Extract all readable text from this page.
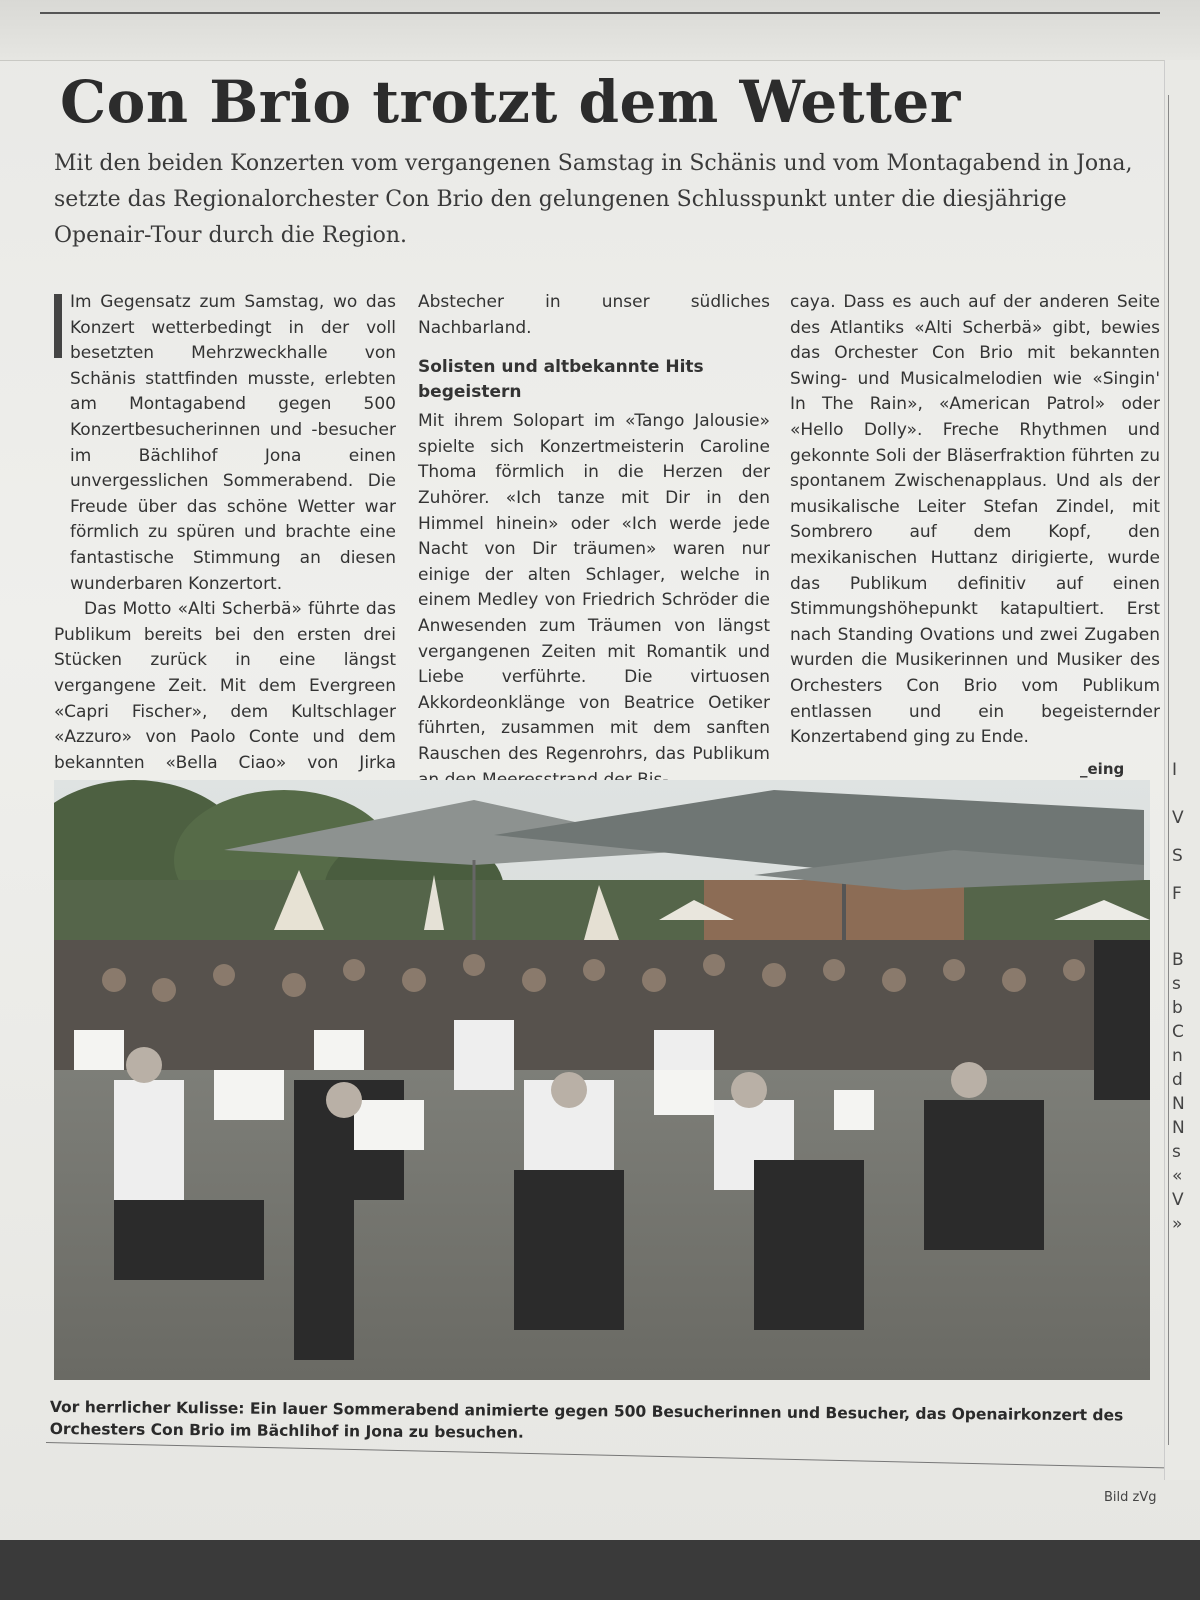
Con Brio trotzt dem Wetter
Mit den beiden Konzerten vom vergangenen Samstag in Schänis und vom Montagabend in Jona, setzte das Regionalorchester Con Brio den gelungenen Schlusspunkt unter die diesjährige Openair-Tour durch die Region.

Im Gegensatz zum Samstag, wo das Konzert wetterbedingt in der voll besetzten Mehrzweckhalle von Schänis stattfinden musste, erlebten am Montagabend gegen 500 Konzertbesucherinnen und -besucher im Bächlihof Jona einen unvergesslichen Sommerabend. Die Freude über das schöne Wetter war förmlich zu spüren und brachte eine fantastische Stimmung an diesen wunderbaren Konzertort.

Das Motto «Alti Scherbä» führte das Publikum bereits bei den ersten drei Stücken zurück in eine längst vergangene Zeit. Mit dem Evergreen «Capri Fischer», dem Kultschlager «Azzuro» von Paolo Conte und dem bekannten «Bella Ciao» von Jirka

Abstecher in unser südliches Nachbarland.

Solisten und altbekannte Hits begeistern

Mit ihrem Solopart im «Tango Jalousie» spielte sich Konzertmeisterin Caroline Thoma förmlich in die Herzen der Zuhörer. «Ich tanze mit Dir in den Himmel hinein» oder «Ich werde jede Nacht von Dir träumen» waren nur einige der alten Schlager, welche in einem Medley von Friedrich Schröder die Anwesenden zum Träumen von längst vergangenen Zeiten mit Romantik und Liebe verführte. Die virtuosen Akkordeonklänge von Beatrice Oetiker führten, zusammen mit dem sanften Rauschen des Regenrohrs, das Publikum

caya. Dass es auch auf der anderen Seite des Atlantiks «Alti Scherbä» gibt, bewies das Orchester Con Brio mit bekannten Swing- und Musicalmelodien wie «Singin' In The Rain», «American Patrol» oder «Hello Dolly». Freche Rhythmen und gekonnte Soli der Bläserfraktion führten zu spontanem Zwischenapplaus. Und als der musikalische Leiter Stefan Zindel, mit Sombrero auf dem Kopf, den mexikanischen Huttanz dirigierte, wurde das Publikum definitiv auf einen Stimmungshöhepunkt katapultiert. Erst nach Standing Ovations und zwei Zugaben wurden die Musikerinnen und Musiker des Orchesters Con Brio vom Publikum entlassen und ein begeisternder Konzertabend ging zu Ende.

_eing
Vor herrlicher Kulisse: Ein lauer Sommerabend animierte gegen 500 Besucherinnen und Besucher, das Openairkonzert des Orchesters Con Brio im Bächlihof in Jona zu besuchen.
Bild zVg
I
V
S
F
B
s
b
C
n
d
N
N
s
«
V
»
